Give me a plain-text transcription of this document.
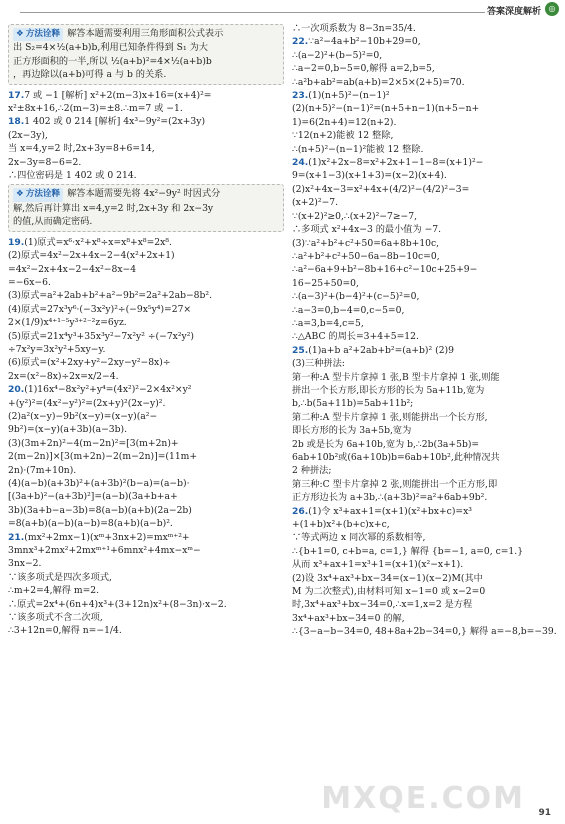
答案深度解析 ◎

❖ 方法诠释 解答本题需要利用三角形面积公式表示

出 S₂=4×½(a+b)b,利用已知条件得到 S₁ 为大

正方形面积的一半,所以 ½(a+b)²=4×½(a+b)b

，再边除以(a+b)可得 a 与 b 的关系.

17.7 或 −1 [解析] x²+2(m−3)x+16=(x+4)²=

x²±8x+16,∴2(m−3)=±8.∴m=7 或 −1.

18.1 402 或 0 214 [解析] 4x³−9y²=(2x+3y)

(2x−3y),

当 x=4,y=2 时,2x+3y=8+6=14,

2x−3y=8−6=2.

∴四位密码是 1 402 或 0 214.

❖ 方法诠释 解答本题需要先将 4x²−9y² 时因式分

解,然后再计算出 x=4,y=2 时,2x+3y 和 2x−3y

的值,从而确定密码.

19.(1)原式=x⁶·x²+x⁸÷x=x⁸+x⁸=2x⁸.

(2)原式=4x²−2x+4x−2−4(x²+2x+1)

=4x²−2x+4x−2−4x²−8x−4

=−6x−6.

(3)原式=a²+2ab+b²+a²−9b²=2a²+2ab−8b².

(4)原式=27x³y⁶·(−3x²y)²÷(−9x⁵y⁴)=27×

2×(1/9)x⁴⁺¹⁻⁵y³⁺²⁻²z=6yz.

(5)原式=21x⁴y³+35x³y²−7x²y² ÷(−7x²y²)

÷7x²y=3x²y²+5xy−y.

(6)原式=(x²+2xy+y²−2xy−y²−8x)÷

2x=(x²−8x)÷2x=x/2−4.

20.(1)16x⁴−8x²y²+y⁴=(4x²)²−2×4x²×y²

+(y²)²=(4x²−y²)²=(2x+y)²(2x−y)².

(2)a²(x−y)−9b²(x−y)=(x−y)(a²−

9b²)=(x−y)(a+3b)(a−3b).

(3)(3m+2n)²−4(m−2n)²=[3(m+2n)+

2(m−2n)]×[3(m+2n)−2(m−2n)]=(11m+

2n)·(7m+10n).

(4)(a−b)(a+3b)²+(a+3b)²(b−a)=(a−b)·

[(3a+b)²−(a+3b)²]=(a−b)(3a+b+a+

3b)(3a+b−a−3b)=8(a−b)(a+b)(2a−2b)

=8(a+b)(a−b)(a−b)=8(a+b)(a−b)².

21.(mx²+2mx−1)(xᵐ+3nx+2)=mxᵐ⁺²+

3mnx³+2mx²+2mxᵐ⁺¹+6mnx²+4mx−xᵐ−

3nx−2.

∵该多项式是四次多项式,

∴m+2=4,解得 m=2.

∴原式=2x⁴+(6n+4)x³+(3+12n)x²+(8−3n)·x−2.

∵该多项式不含二次项,

∴3+12n=0,解得 n=−1/4.

∴一次项系数为 8−3n=35/4.

22.∵a²−4a+b²−10b+29=0,

∴(a−2)²+(b−5)²=0,

∴a−2=0,b−5=0,解得 a=2,b=5,

∴a²b+ab²=ab(a+b)=2×5×(2+5)=70.

23.(1)(n+5)²−(n−1)²

(2)(n+5)²−(n−1)²=(n+5+n−1)(n+5−n+

1)=6(2n+4)=12(n+2).

∵12(n+2)能被 12 整除,

∴(n+5)²−(n−1)²能被 12 整除.

24.(1)x²+2x−8=x²+2x+1−1−8=(x+1)²−

9=(x+1−3)(x+1+3)=(x−2)(x+4).

(2)x²+4x−3=x²+4x+(4/2)²−(4/2)²−3=

(x+2)²−7.

∵(x+2)²≥0,∴(x+2)²−7≥−7,

∴多项式 x²+4x−3 的最小值为 −7.

(3)∵a²+b²+c²+50=6a+8b+10c,

∴a²+b²+c²+50−6a−8b−10c=0,

∴a²−6a+9+b²−8b+16+c²−10c+25+9−

16−25+50=0,

∴(a−3)²+(b−4)²+(c−5)²=0,

∴a−3=0,b−4=0,c−5=0,

∴a=3,b=4,c=5,

∴△ABC 的周长=3+4+5=12.

25.(1)a+b a²+2ab+b²=(a+b)² (2)9

(3)三种拼法:

第一种:A 型卡片拿掉 1 张,B 型卡片拿掉 1 张,则能

拼出一个长方形,即长方形的长为 5a+11b,宽为

b,∴b(5a+11b)=5ab+11b²;

第二种:A 型卡片拿掉 1 张,则能拼出一个长方形,

即长方形的长为 3a+5b,宽为

2b 或是长为 6a+10b,宽为 b,∴2b(3a+5b)=

6ab+10b²或(6a+10b)b=6ab+10b²,此种情况共

2 种拼法;

第三种:C 型卡片拿掉 2 张,则能拼出一个正方形,即

正方形边长为 a+3b,∴(a+3b)²=a²+6ab+9b².

26.(1)令 x³+ax+1=(x+1)(x²+bx+c)=x³

+(1+b)x²+(b+c)x+c,

∵等式两边 x 同次幂的系数相等,

∴{b+1=0, c+b=a, c=1,} 解得 {b=−1, a=0, c=1.}

从而 x³+ax+1=x³+1=(x+1)(x²−x+1).

(2)设 3x⁴+ax³+bx−34=(x−1)(x−2)M(其中

M 为二次整式),由材料可知 x−1=0 或 x−2=0

时,3x⁴+ax³+bx−34=0,∴x=1,x=2 是方程

3x⁴+ax³+bx−34=0 的解,

∴{3−a−b−34=0, 48+8a+2b−34=0,} 解得 a=−8,b=−39.

MXQE.COM 91
